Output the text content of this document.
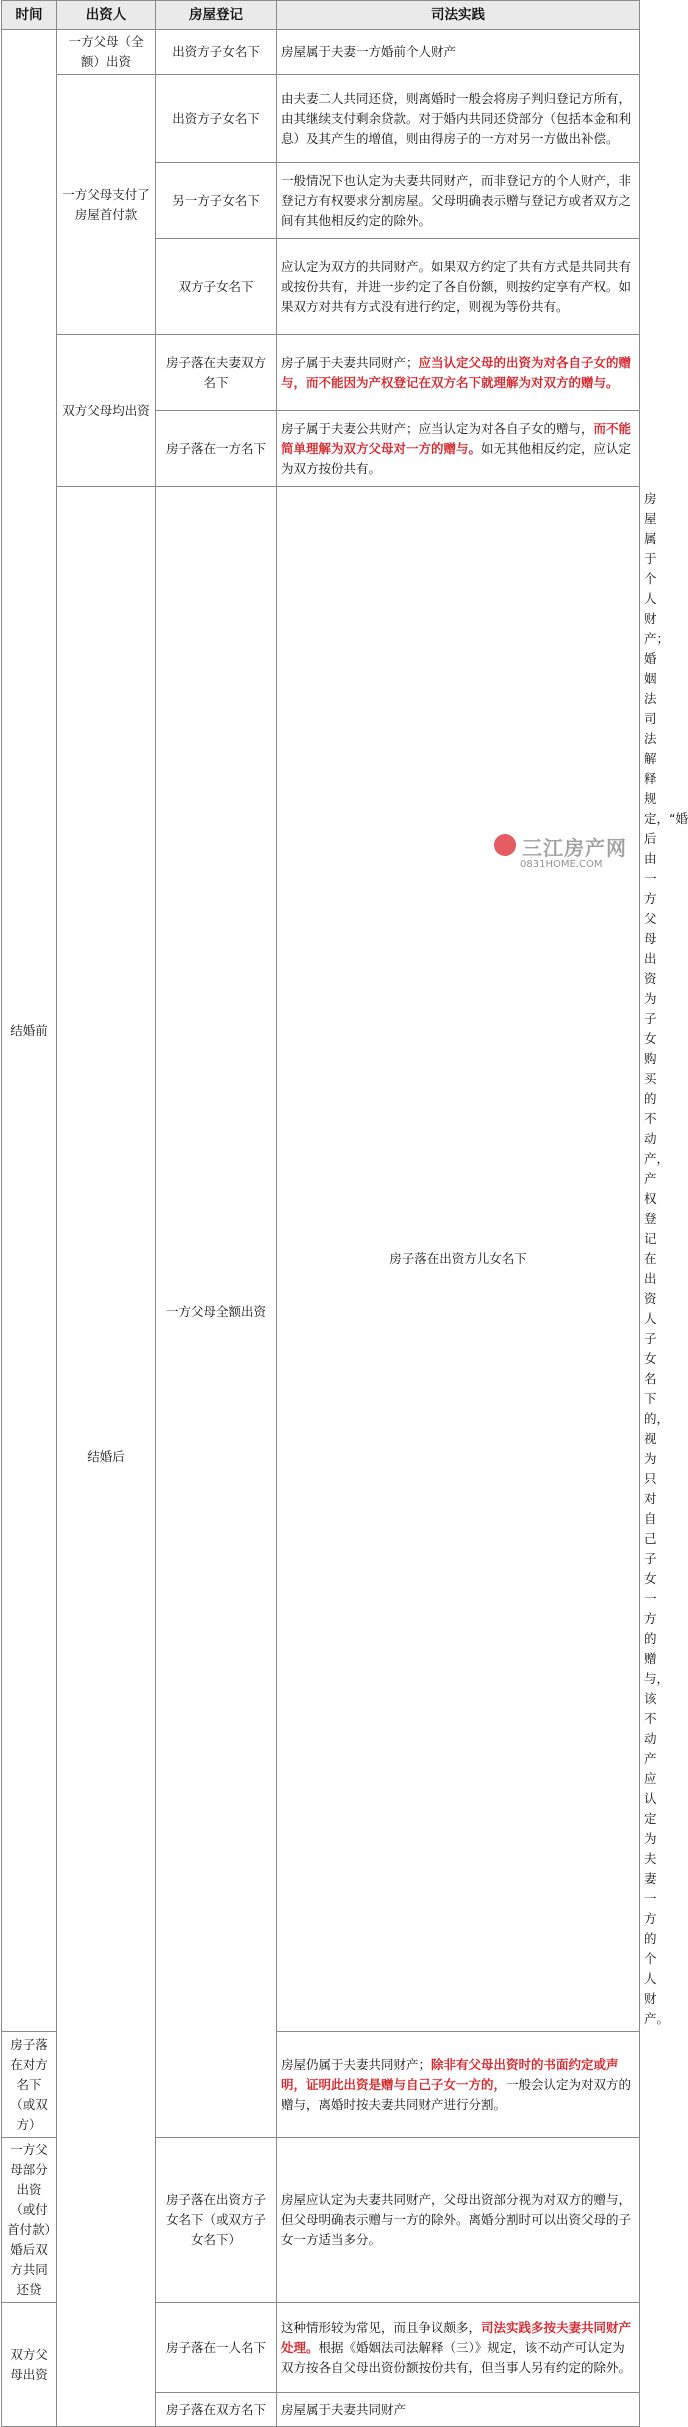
时间	出资人	房屋登记	司法实践	
结婚前	一方父母（全额）出资	出资方子女名下	房屋属于夫妻一方婚前个人财产	
	一方父母支付了房屋首付款	出资方子女名下	由夫妻二人共同还贷，则离婚时一般会将房子判归登记方所有，由其继续支付剩余贷款。对于婚内共同还贷部分（包括本金和利息）及其产生的增值，则由得房子的一方对另一方做出补偿。	
		另一方子女名下	一般情况下也认定为夫妻共同财产，而非登记方的个人财产，非登记方有权要求分割房屋。父母明确表示赠与登记方或者双方之间有其他相反约定的除外。	
		双方子女名下	应认定为双方的共同财产。如果双方约定了共有方式是共同共有或按份共有，并进一步约定了各自份额，则按约定享有产权。如果双方对共有方式没有进行约定，则视为等份共有。	
	双方父母均出资	房子落在夫妻双方名下	房子属于夫妻共同财产；应当认定父母的出资为对各自子女的赠与，而不能因为产权登记在双方名下就理解为对双方的赠与。	
		房子落在一方名下	房子属于夫妻公共财产；应当认定为对各自子女的赠与，而不能简单理解为双方父母对一方的赠与。如无其他相反约定，应认定为双方按份共有。	
	结婚后	一方父母全额出资	房子落在出资方儿女名下	房屋属于个人财产；婚姻法司法解释规定，“婚后由一方父母出资为子女购买的不动产，产权登记在出资人子女名下的，视为只对自己子女一方的赠与，该不动产应认定为夫妻一方的个人财产。
房子落在对方名下（或双方）			房屋仍属于夫妻共同财产；除非有父母出资时的书面约定或声明，证明此出资是赠与自己子女一方的，一般会认定为对双方的赠与，离婚时按夫妻共同财产进行分割。	
一方父母部分出资（或付首付款）婚后双方共同还贷		房子落在出资方子女名下（或双方子女名下）	房屋应认定为夫妻共同财产，父母出资部分视为对双方的赠与，但父母明确表示赠与一方的除外。离婚分割时可以出资父母的子女一方适当多分。	
双方父母出资		房子落在一人名下	这种情形较为常见，而且争议颇多，司法实践多按夫妻共同财产处理。根据《婚姻法司法解释（三）》规定，该不动产可认定为双方按各自父母出资份额按份共有，但当事人另有约定的除外。	
		房子落在双方名下	房屋属于夫妻共同财产	
三江房产网
0831HOME.COM
